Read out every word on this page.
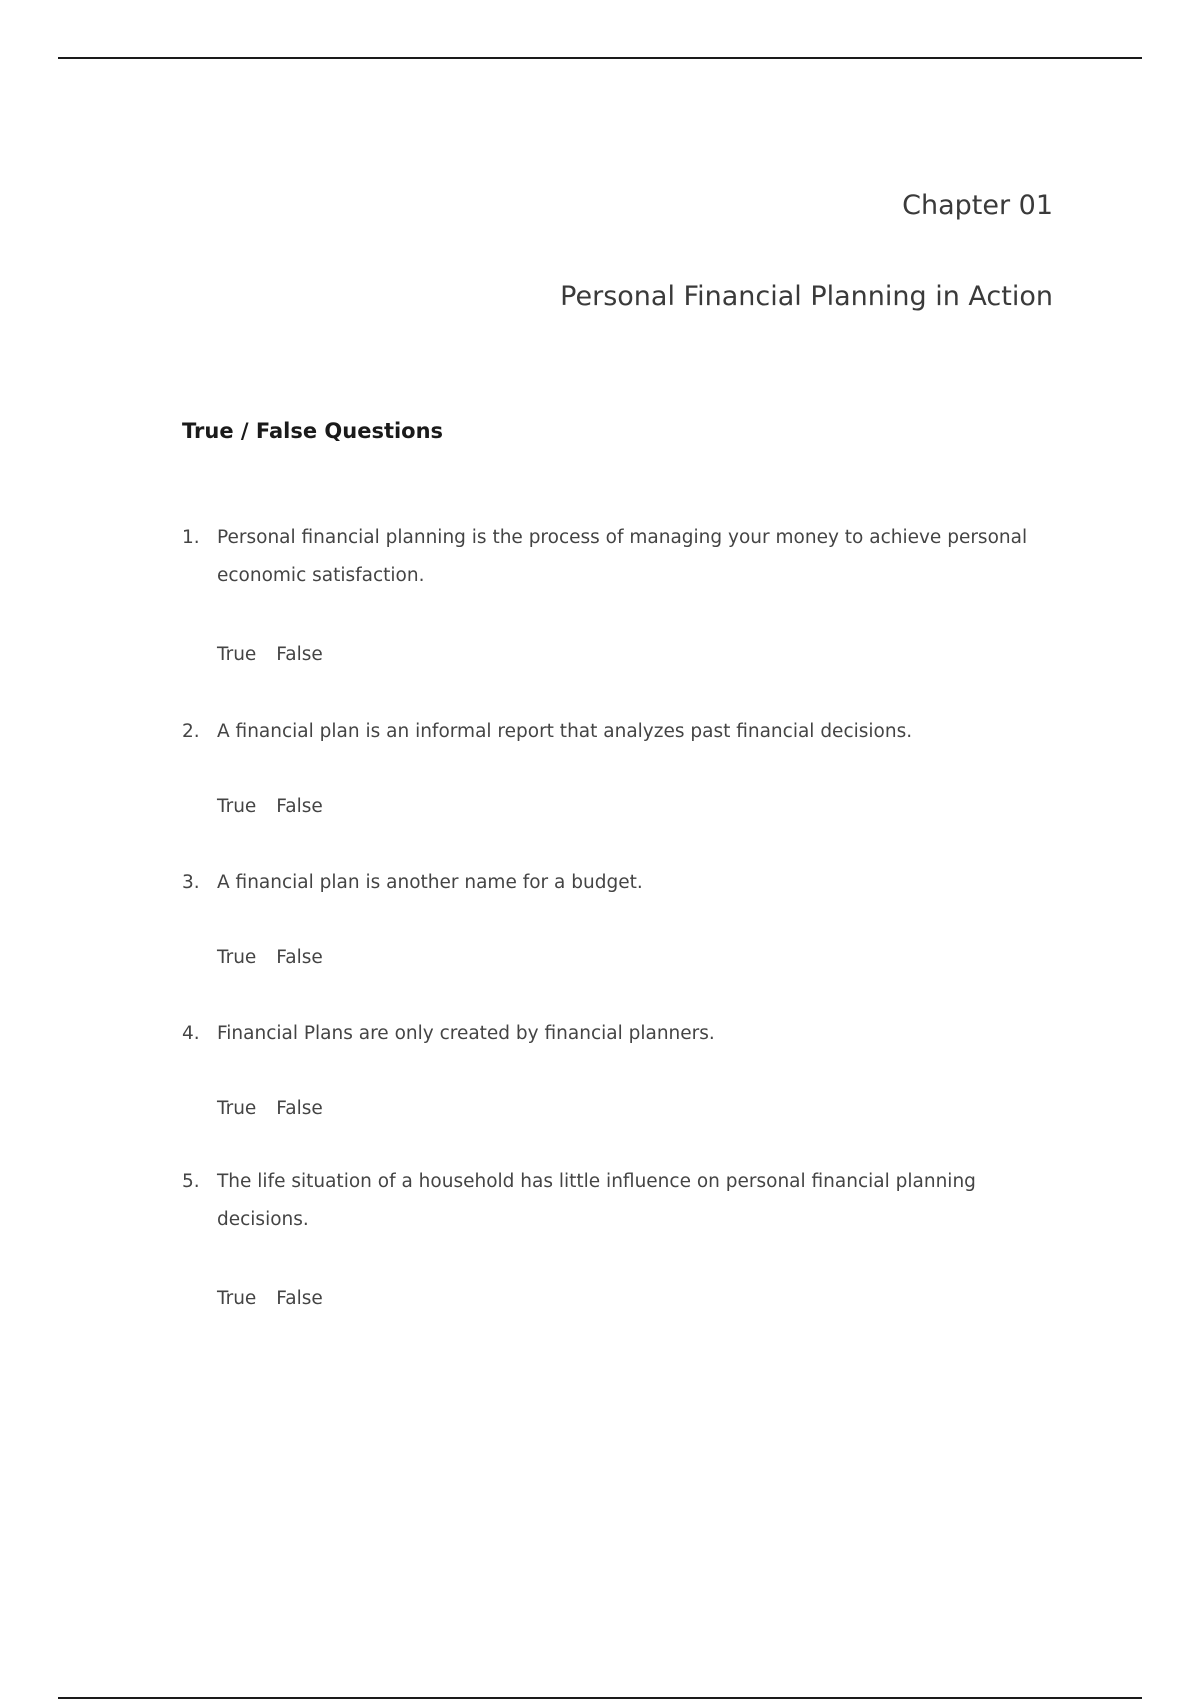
Chapter 01
Personal Financial Planning in Action
True / False Questions
1. Personal financial planning is the process of managing your money to achieve personal economic satisfaction.
True False
2. A financial plan is an informal report that analyzes past financial decisions.
True False
3. A financial plan is another name for a budget.
True False
4. Financial Plans are only created by financial planners.
True False
5. The life situation of a household has little influence on personal financial planning decisions.
True False
